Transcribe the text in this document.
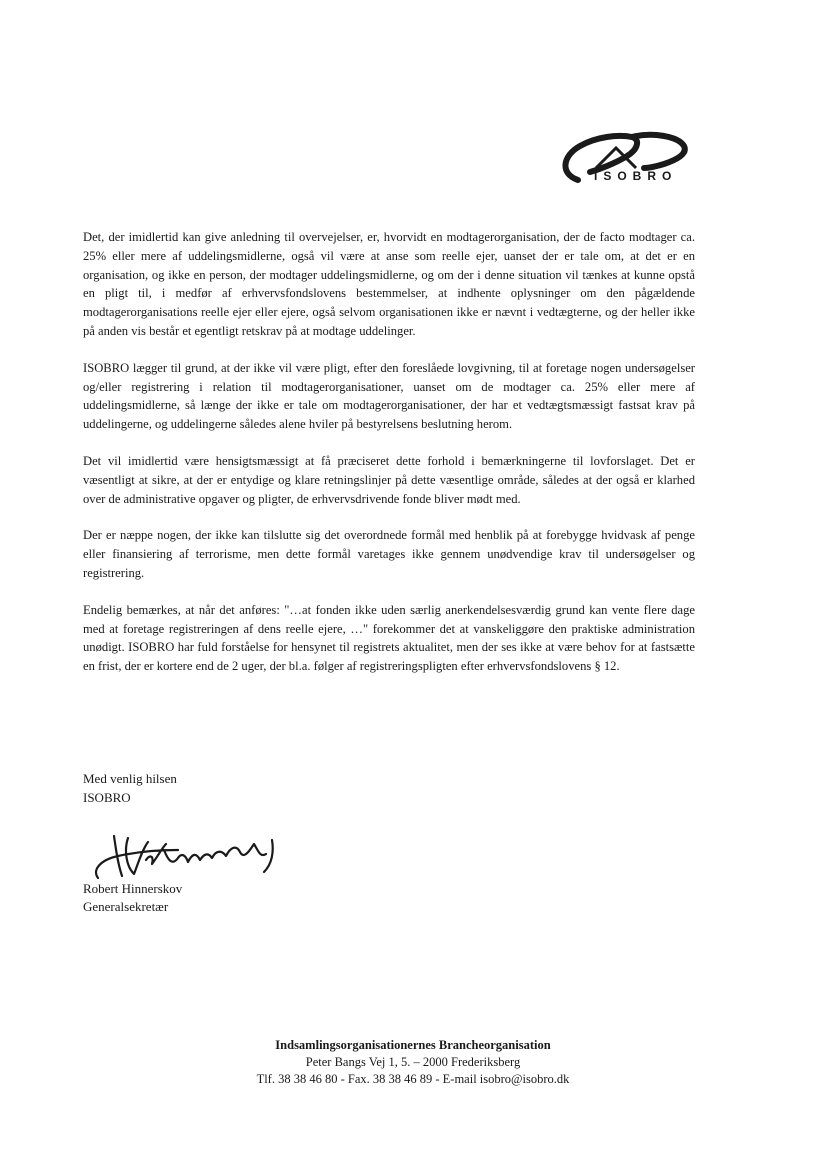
ISOBRO

Det, der imidlertid kan give anledning til overvejelser, er, hvorvidt en modtagerorganisation, der de facto modtager ca. 25% eller mere af uddelingsmidlerne, også vil være at anse som reelle ejer, uanset der er tale om, at det er en organisation, og ikke en person, der modtager uddelingsmidlerne, og om der i denne situation vil tænkes at kunne opstå en pligt til, i medfør af erhvervsfondslovens bestemmelser, at indhente oplysninger om den pågældende modtagerorganisations reelle ejer eller ejere, også selvom organisationen ikke er nævnt i vedtægterne, og der heller ikke på anden vis består et egentligt retskrav på at modtage uddelinger.

ISOBRO lægger til grund, at der ikke vil være pligt, efter den foreslåede lovgivning, til at foretage nogen undersøgelser og/eller registrering i relation til modtagerorganisationer, uanset om de modtager ca. 25% eller mere af uddelingsmidlerne, så længe der ikke er tale om modtagerorganisationer, der har et vedtægtsmæssigt fastsat krav på uddelingerne, og uddelingerne således alene hviler på bestyrelsens beslutning herom.

Det vil imidlertid være hensigtsmæssigt at få præciseret dette forhold i bemærkningerne til lovforslaget. Det er væsentligt at sikre, at der er entydige og klare retningslinjer på dette væsentlige område, således at der også er klarhed over de administrative opgaver og pligter, de erhvervsdrivende fonde bliver mødt med.

Der er næppe nogen, der ikke kan tilslutte sig det overordnede formål med henblik på at forebygge hvidvask af penge eller finansiering af terrorisme, men dette formål varetages ikke gennem unødvendige krav til undersøgelser og registrering.

Endelig bemærkes, at når det anføres: "…at fonden ikke uden særlig anerkendelsesværdig grund kan vente flere dage med at foretage registreringen af dens reelle ejere, …" forekommer det at vanskeliggøre den praktiske administration unødigt. ISOBRO har fuld forståelse for hensynet til registrets aktualitet, men der ses ikke at være behov for at fastsætte en frist, der er kortere end de 2 uger, der bl.a. følger af registreringspligten efter erhvervsfondslovens § 12.

Med venlig hilsen
ISOBRO
Robert Hinnerskov
Generalsekretær
Indsamlingsorganisationernes Brancheorganisation
Peter Bangs Vej 1, 5. – 2000 Frederiksberg
Tlf. 38 38 46 80 - Fax. 38 38 46 89 - E-mail isobro@isobro.dk
